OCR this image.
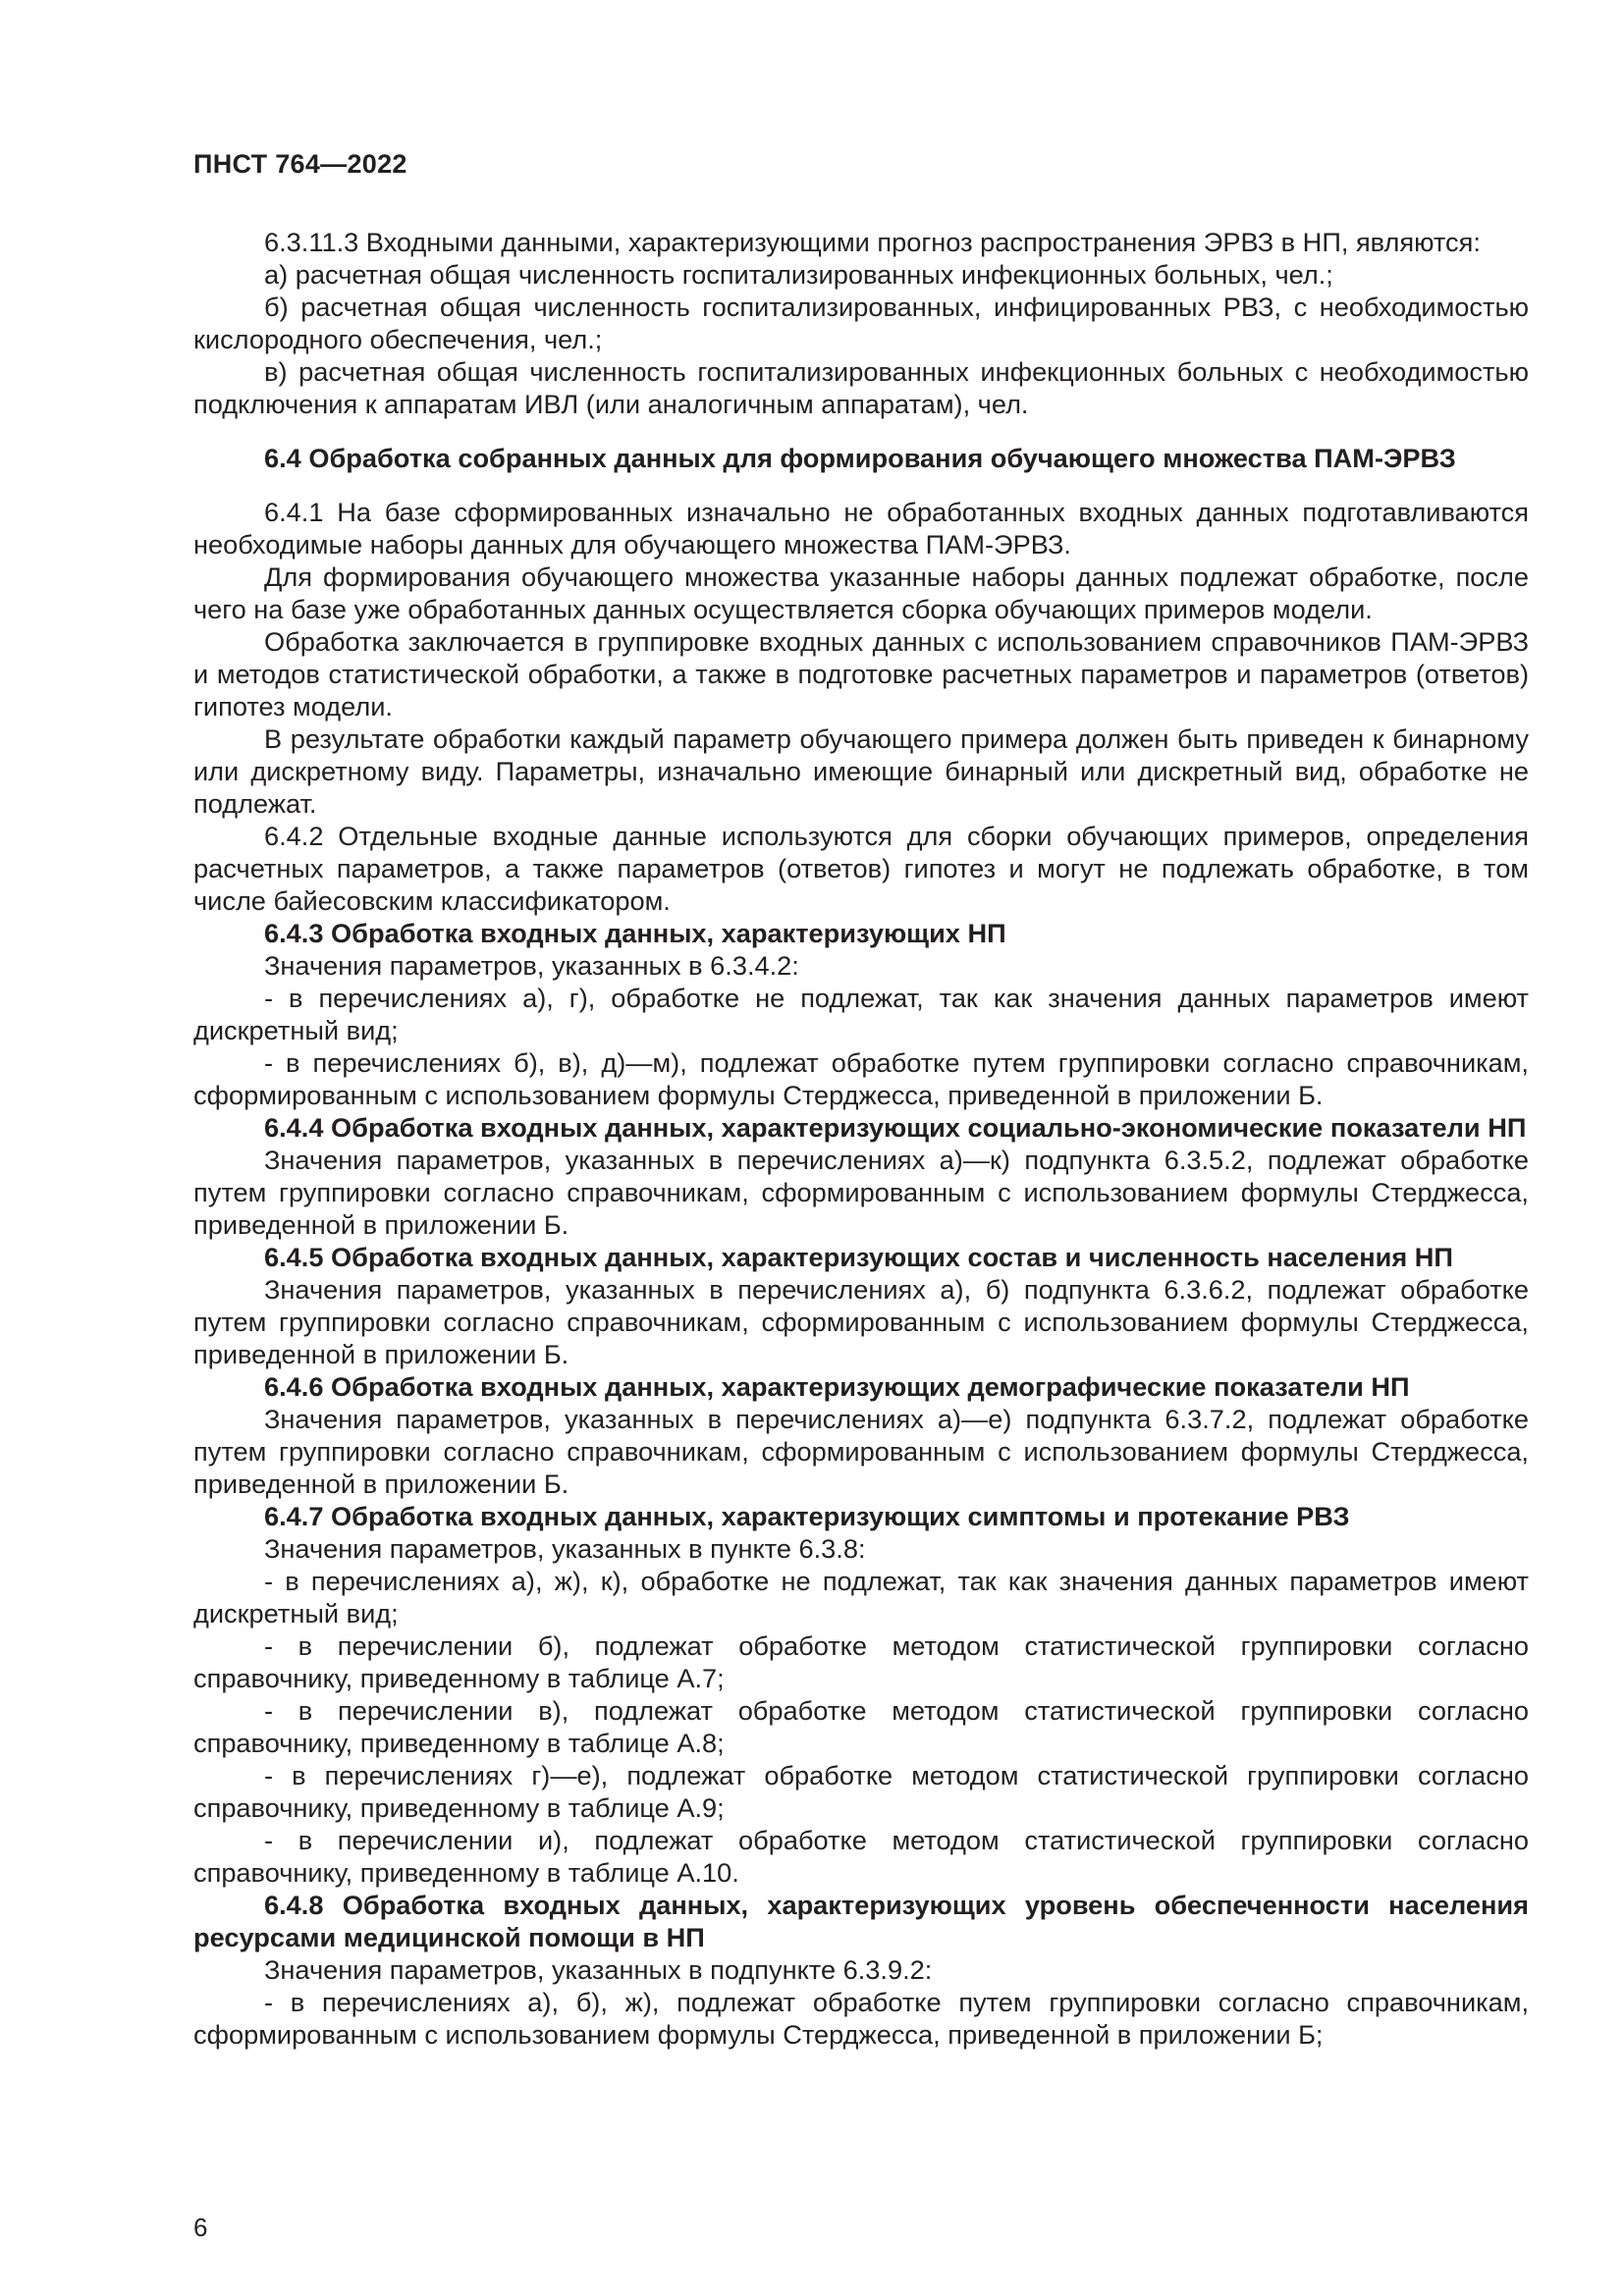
ПНСТ 764—2022

6.3.11.3 Входными данными, характеризующими прогноз распространения ЭРВЗ в НП, являются:

а) расчетная общая численность госпитализированных инфекционных больных, чел.;

б) расчетная общая численность госпитализированных, инфицированных РВЗ, с необходимостью кислородного обеспечения, чел.;

в) расчетная общая численность госпитализированных инфекционных больных с необходимостью подключения к аппаратам ИВЛ (или аналогичным аппаратам), чел.

6.4 Обработка собранных данных для формирования обучающего множества ПАМ-ЭРВЗ

6.4.1 На базе сформированных изначально не обработанных входных данных подготавливаются необходимые наборы данных для обучающего множества ПАМ-ЭРВЗ.

Для формирования обучающего множества указанные наборы данных подлежат обработке, после чего на базе уже обработанных данных осуществляется сборка обучающих примеров модели.

Обработка заключается в группировке входных данных с использованием справочников ПАМ-ЭРВЗ и методов статистической обработки, а также в подготовке расчетных параметров и параметров (ответов) гипотез модели.

В результате обработки каждый параметр обучающего примера должен быть приведен к бинарному или дискретному виду. Параметры, изначально имеющие бинарный или дискретный вид, обработке не подлежат.

6.4.2 Отдельные входные данные используются для сборки обучающих примеров, определения расчетных параметров, а также параметров (ответов) гипотез и могут не подлежать обработке, в том числе байесовским классификатором.

6.4.3 Обработка входных данных, характеризующих НП

Значения параметров, указанных в 6.3.4.2:

- в перечислениях а), г), обработке не подлежат, так как значения данных параметров имеют дискретный вид;

- в перечислениях б), в), д)—м), подлежат обработке путем группировки согласно справочникам, сформированным с использованием формулы Стерджесса, приведенной в приложении Б.

6.4.4 Обработка входных данных, характеризующих социально-экономические показатели НП

Значения параметров, указанных в перечислениях а)—к) подпункта 6.3.5.2, подлежат обработке путем группировки согласно справочникам, сформированным с использованием формулы Стерджесса, приведенной в приложении Б.

6.4.5 Обработка входных данных, характеризующих состав и численность населения НП

Значения параметров, указанных в перечислениях а), б) подпункта 6.3.6.2, подлежат обработке путем группировки согласно справочникам, сформированным с использованием формулы Стерджесса, приведенной в приложении Б.

6.4.6 Обработка входных данных, характеризующих демографические показатели НП

Значения параметров, указанных в перечислениях а)—е) подпункта 6.3.7.2, подлежат обработке путем группировки согласно справочникам, сформированным с использованием формулы Стерджесса, приведенной в приложении Б.

6.4.7 Обработка входных данных, характеризующих симптомы и протекание РВЗ

Значения параметров, указанных в пункте 6.3.8:

- в перечислениях а), ж), к), обработке не подлежат, так как значения данных параметров имеют дискретный вид;

- в перечислении б), подлежат обработке методом статистической группировки согласно справочнику, приведенному в таблице А.7;

- в перечислении в), подлежат обработке методом статистической группировки согласно справочнику, приведенному в таблице А.8;

- в перечислениях г)—е), подлежат обработке методом статистической группировки согласно справочнику, приведенному в таблице А.9;

- в перечислении и), подлежат обработке методом статистической группировки согласно справочнику, приведенному в таблице А.10.

6.4.8 Обработка входных данных, характеризующих уровень обеспеченности населения ресурсами медицинской помощи в НП

Значения параметров, указанных в подпункте 6.3.9.2:

- в перечислениях а), б), ж), подлежат обработке путем группировки согласно справочникам, сформированным с использованием формулы Стерджесса, приведенной в приложении Б;

6
